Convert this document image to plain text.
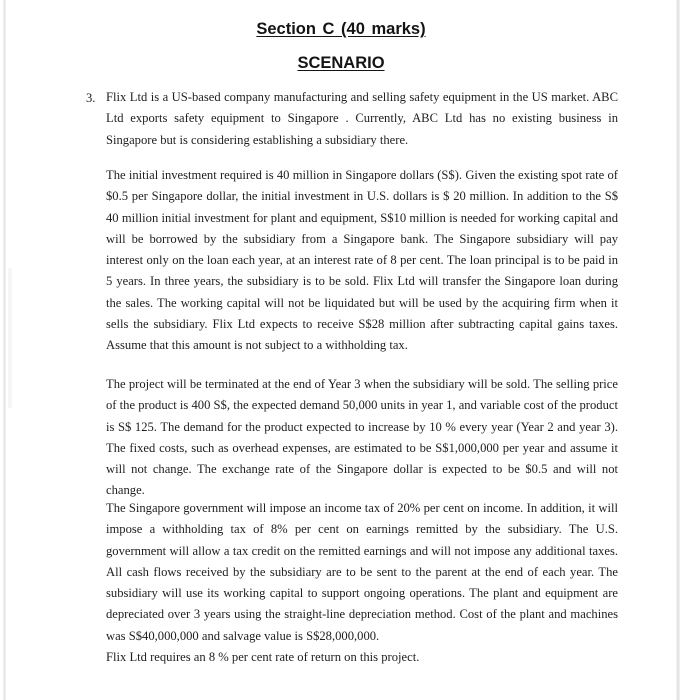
Section C (40 marks)
SCENARIO
3. Flix Ltd is a US-based company manufacturing and selling safety equipment in the US market. ABC Ltd exports safety equipment to Singapore . Currently, ABC Ltd has no existing business in Singapore but is considering establishing a subsidiary there.

The initial investment required is 40 million in Singapore dollars (S$). Given the existing spot rate of $0.5 per Singapore dollar, the initial investment in U.S. dollars is $ 20 million. In addition to the S$ 40 million initial investment for plant and equipment, S$10 million is needed for working capital and will be borrowed by the subsidiary from a Singapore bank. The Singapore subsidiary will pay interest only on the loan each year, at an interest rate of 8 per cent. The loan principal is to be paid in 5 years. In three years, the subsidiary is to be sold. Flix Ltd will transfer the Singapore loan during the sales. The working capital will not be liquidated but will be used by the acquiring firm when it sells the subsidiary. Flix Ltd expects to receive S$28 million after subtracting capital gains taxes. Assume that this amount is not subject to a withholding tax.

The project will be terminated at the end of Year 3 when the subsidiary will be sold. The selling price of the product is 400 S$, the expected demand 50,000 units in year 1, and variable cost of the product is S$ 125. The demand for the product expected to increase by 10 % every year (Year 2 and year 3). The fixed costs, such as overhead expenses, are estimated to be S$1,000,000 per year and assume it will not change. The exchange rate of the Singapore dollar is expected to be $0.5 and will not change.

The Singapore government will impose an income tax of 20% per cent on income. In addition, it will impose a withholding tax of 8% per cent on earnings remitted by the subsidiary. The U.S. government will allow a tax credit on the remitted earnings and will not impose any additional taxes. All cash flows received by the subsidiary are to be sent to the parent at the end of each year. The subsidiary will use its working capital to support ongoing operations. The plant and equipment are depreciated over 3 years using the straight-line depreciation method. Cost of the plant and machines was S$40,000,000 and salvage value is S$28,000,000.

Flix Ltd requires an 8 % per cent rate of return on this project.
